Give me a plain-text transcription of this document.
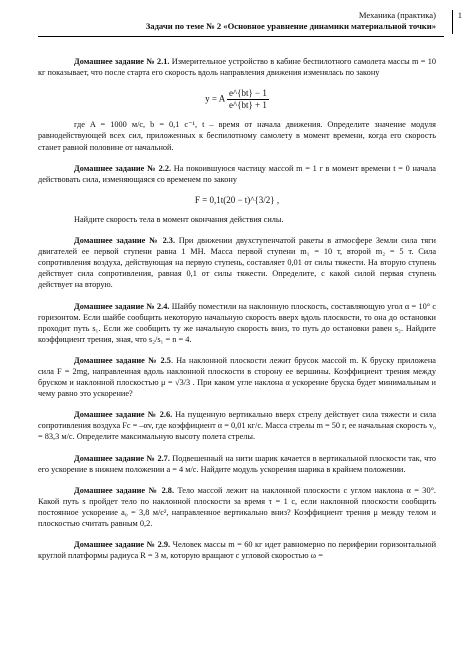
Механика (практика)
Задачи по теме № 2 «Основное уравнение динамики материальной точки»
1

Домашнее задание № 2.1. Измерительное устройство в кабине беспилотного самолета массы m = 10 кг показывает, что после старта его скорость вдоль направления движения изменялась по закону

y = A $\frac{e\^{}\{bt\} - 1}{e\^{}\{bt\} + 1}$

где A = 1000 м/с, b = 0,1 с⁻¹, t – время от начала движения. Определите значение модуля равнодействующей всех сил, приложенных к беспилотному самолету в момент времени, когда его скорость станет равной половине от начальной.

Домашнее задание № 2.2. На покоившуюся частицу массой m = 1 г в момент времени t = 0 начала действовать сила, изменяющаяся со временем по закону

F = 0,1t(20 − t)^{3/2} ,

Найдите скорость тела в момент окончания действия силы.

Домашнее задание № 2.3. При движении двухступенчатой ракеты в атмосфере Земли сила тяги двигателей ее первой ступени равна 1 МН. Масса первой ступени m₁ = 10 т, второй m₂ = 5 т. Сила сопротивления воздуха, действующая на первую ступень, составляет 0,01 от силы тяжести. На вторую ступень действует сила сопротивления, равная 0,1 от силы тяжести. Определите, с какой силой первая ступень действует на вторую.

Домашнее задание № 2.4. Шайбу поместили на наклонную плоскость, составляющую угол α = 10° с горизонтом. Если шайбе сообщить некоторую начальную скорость вверх вдоль плоскости, то она до остановки проходит путь s₁. Если же сообщить ту же начальную скорость вниз, то путь до остановки равен s₂. Найдите коэффициент трения, зная, что s₂/s₁ = n = 4.

Домашнее задание № 2.5. На наклонной плоскости лежит брусок массой m. К бруску приложена сила F = 2mg, направленная вдоль наклонной плоскости в сторону ее вершины. Коэффициент трения между бруском и наклонной плоскостью μ = √3/3 . При каком угле наклона α ускорение бруска будет минимальным и чему равно это ускорение?

Домашнее задание № 2.6. На пущенную вертикально вверх стрелу действует сила тяжести и сила сопротивления воздуха Fc = –αv, где коэффициент α = 0,01 кг/с. Масса стрелы m = 50 г, ее начальная скорость v₀ = 83,3 м/с. Определите максимальную высоту полета стрелы.

Домашнее задание № 2.7. Подвешенный на нити шарик качается в вертикальной плоскости так, что его ускорение в нижнем положении a = 4 м/с. Найдите модуль ускорения шарика в крайнем положении.

Домашнее задание № 2.8. Тело массой лежит на наклонной плоскости с углом наклона α = 30°. Какой путь s пройдет тело по наклонной плоскости за время τ = 1 с, если наклонной плоскости сообщить постоянное ускорение a₀ = 3,8 м/с², направленное вертикально вниз? Коэффициент трения μ между телом и плоскостью считать равным 0,2.

Домашнее задание № 2.9. Человек массы m = 60 кг идет равномерно по периферии горизонтальной круглой платформы радиуса R = 3 м, которую вращают с угловой скоростью ω =
